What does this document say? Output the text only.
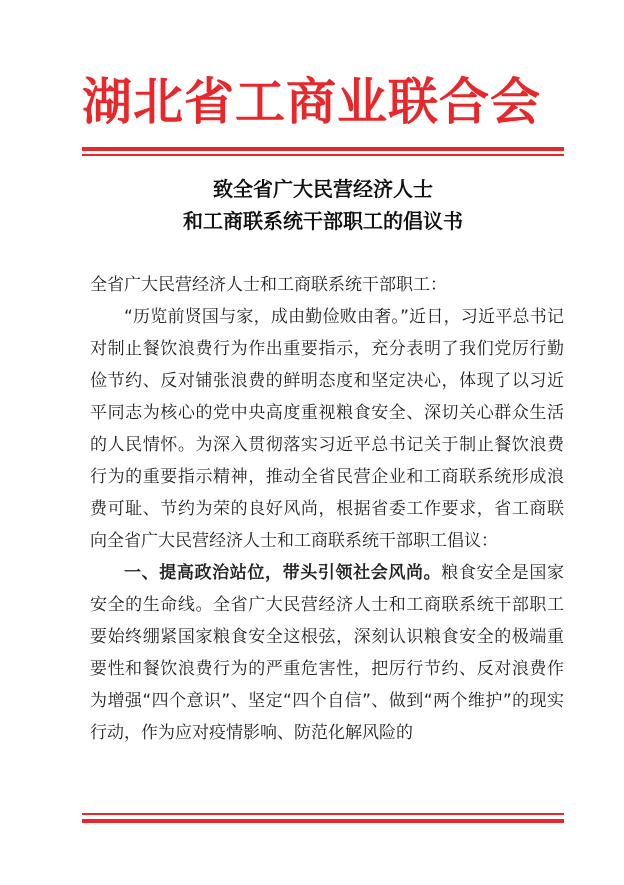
湖北省工商业联合会
致全省广大民营经济人士
和工商联系统干部职工的倡议书

全省广大民营经济人士和工商联系统干部职工：

“历览前贤国与家，成由勤俭败由奢。”近日，习近平总书记对制止餐饮浪费行为作出重要指示，充分表明了我们党厉行勤俭节约、反对铺张浪费的鲜明态度和坚定决心，体现了以习近平同志为核心的党中央高度重视粮食安全、深切关心群众生活的人民情怀。为深入贯彻落实习近平总书记关于制止餐饮浪费行为的重要指示精神，推动全省民营企业和工商联系统形成浪费可耻、节约为荣的良好风尚，根据省委工作要求，省工商联向全省广大民营经济人士和工商联系统干部职工倡议：

一、提高政治站位，带头引领社会风尚。粮食安全是国家安全的生命线。全省广大民营经济人士和工商联系统干部职工要始终绷紧国家粮食安全这根弦，深刻认识粮食安全的极端重要性和餐饮浪费行为的严重危害性，把厉行节约、反对浪费作为增强“四个意识”、坚定“四个自信”、做到“两个维护”的现实行动，作为应对疫情影响、防范化解风险的
